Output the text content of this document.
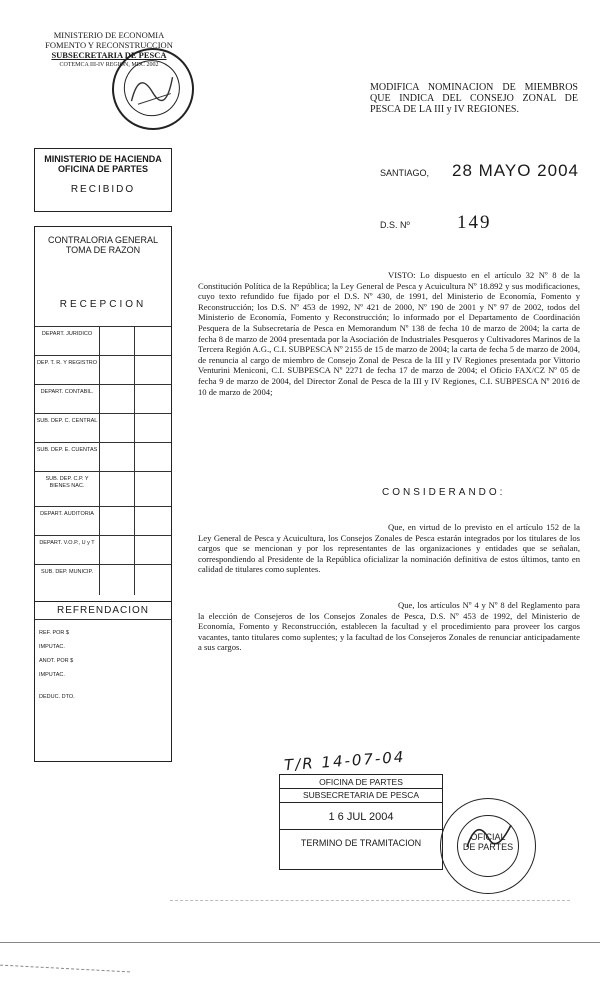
MINISTERIO DE ECONOMIA
FOMENTO Y RECONSTRUCCION
SUBSECRETARIA DE PESCA
COTEMCA III-IV REGION, MDC 2002
MINISTERIO DE HACIENDA
OFICINA DE PARTES
RECIBIDO
CONTRALORIA GENERAL
TOMA DE RAZON
RECEPCION
DEPART. JURIDICO
DEP. T. R. Y REGISTRO
DEPART. CONTABIL.
SUB. DEP. C. CENTRAL
SUB. DEP. E. CUENTAS
SUB. DEP. C.P. Y BIENES NAC.
DEPART. AUDITORIA
DEPART. V.O.P., U y T
SUB. DEP. MUNICIP.
REFRENDACION
REF. POR $
IMPUTAC.
ANOT. POR $
IMPUTAC.
DEDUC. DTO.
MODIFICA NOMINACION DE MIEMBROS QUE INDICA DEL CONSEJO ZONAL DE PESCA DE LA III y IV REGIONES.
SANTIAGO, 28 MAYO 2004
D.S. Nº 149
VISTO: Lo dispuesto en el artículo 32 Nº 8 de la Constitución Política de la República; la Ley General de Pesca y Acuicultura Nº 18.892 y sus modificaciones, cuyo texto refundido fue fijado por el D.S. Nº 430, de 1991, del Ministerio de Economía, Fomento y Reconstrucción; los D.S. Nº 453 de 1992, Nº 421 de 2000, Nº 190 de 2001 y Nº 97 de 2002, todos del Ministerio de Economía, Fomento y Reconstrucción; lo informado por el Departamento de Coordinación Pesquera de la Subsecretaría de Pesca en Memorandum Nº 138 de fecha 10 de marzo de 2004; la carta de fecha 8 de marzo de 2004 presentada por la Asociación de Industriales Pesqueros y Cultivadores Marinos de la Tercera Región A.G., C.I. SUBPESCA Nº 2155 de 15 de marzo de 2004; la carta de fecha 5 de marzo de 2004, de renuncia al cargo de miembro de Consejo Zonal de Pesca de la III y IV Regiones presentada por Vittorio Venturini Meniconi, C.I. SUBPESCA Nº 2271 de fecha 17 de marzo de 2004; el Oficio FAX/CZ Nº 05 de fecha 9 de marzo de 2004, del Director Zonal de Pesca de la III y IV Regiones, C.I. SUBPESCA Nº 2016 de 10 de marzo de 2004;
CONSIDERANDO:
Que, en virtud de lo previsto en el artículo 152 de la Ley General de Pesca y Acuicultura, los Consejos Zonales de Pesca estarán integrados por los titulares de los cargos que se mencionan y por los representantes de las organizaciones y entidades que se señalan, correspondiendo al Presidente de la República oficializar la nominación definitiva de estos últimos, tanto en calidad de titulares como suplentes.
Que, los artículos Nº 4 y Nº 8 del Reglamento para la elección de Consejeros de los Consejos Zonales de Pesca, D.S. Nº 453 de 1992, del Ministerio de Economía, Fomento y Reconstrucción, establecen la facultad y el procedimiento para proveer los cargos vacantes, tanto titulares como suplentes; y la facultad de los Consejeros Zonales de renunciar anticipadamente a sus cargos.
T/R 14-07-04
OFICINA DE PARTES
SUBSECRETARIA DE PESCA
1 6 JUL 2004
TERMINO DE TRAMITACION
OFICIAL
DE PARTES
